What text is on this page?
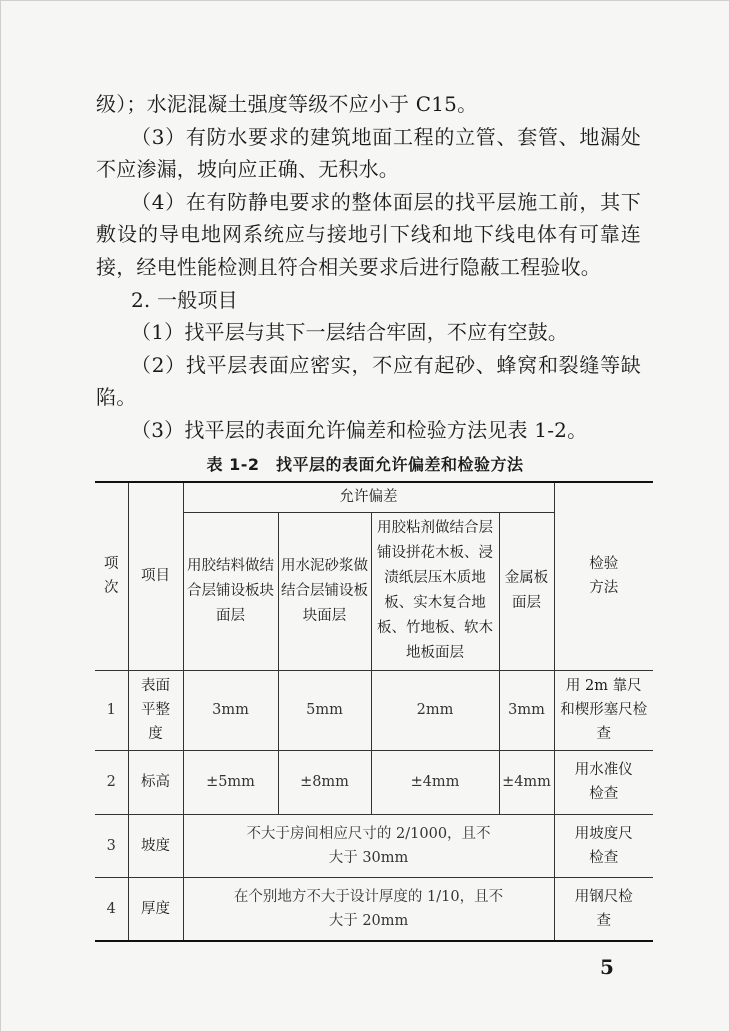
级）；水泥混凝土强度等级不应小于 C15。

（3）有防水要求的建筑地面工程的立管、套管、地漏处不应渗漏，坡向应正确、无积水。

（4）在有防静电要求的整体面层的找平层施工前，其下敷设的导电地网系统应与接地引下线和地下线电体有可靠连接，经电性能检测且符合相关要求后进行隐蔽工程验收。

2. 一般项目

（1）找平层与其下一层结合牢固，不应有空鼓。

（2）找平层表面应密实，不应有起砂、蜂窝和裂缝等缺陷。

（3）找平层的表面允许偏差和检验方法见表 1-2。

表 1-2　找平层的表面允许偏差和检验方法
项次	项目	允许偏差				检验方法

		用胶结料做结合层铺设板块面层	用水泥砂浆做结合层铺设板块面层	用胶粘剂做结合层铺设拼花木板、浸渍纸层压木质地板、实木复合地板、竹地板、软木地板面层	金属板面层	
1	表面平整度	3mm	5mm	2mm	3mm	用 2m 靠尺和楔形塞尺检查

2	标高	±5mm	±8mm	±4mm	±4mm	用水准仪检查

3	坡度	不大于房间相应尺寸的 2/1000，且不大于 30mm				用坡度尺检查

4	厚度	在个别地方不大于设计厚度的 1/10，且不大于 20mm				用钢尺检查
5
